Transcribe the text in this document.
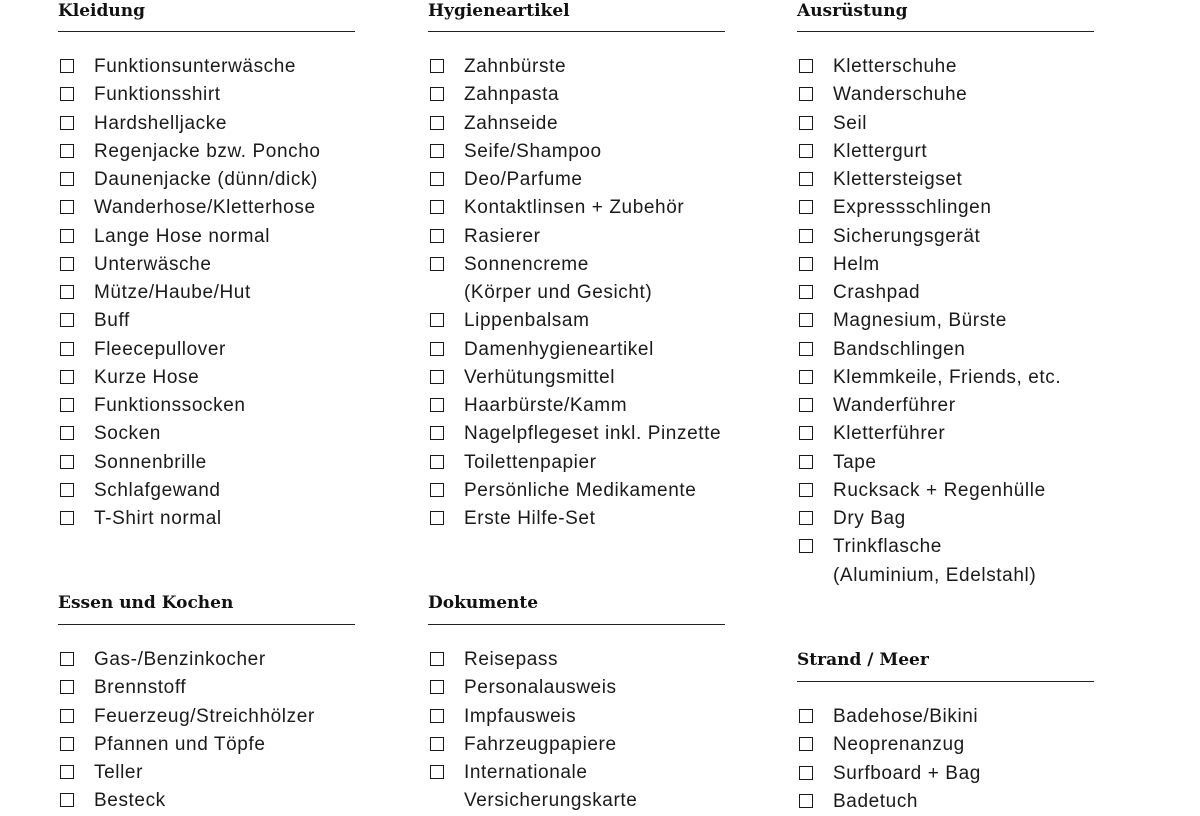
Kleidung
Funktionsunterwäsche
Funktionsshirt
Hardshelljacke
Regenjacke bzw. Poncho
Daunenjacke (dünn/dick)
Wanderhose/Kletterhose
Lange Hose normal
Unterwäsche
Mütze/Haube/Hut
Buff
Fleecepullover
Kurze Hose
Funktionssocken
Socken
Sonnenbrille
Schlafgewand
T-Shirt normal
Hygieneartikel
Zahnbürste
Zahnpasta
Zahnseide
Seife/Shampoo
Deo/Parfume
Kontaktlinsen + Zubehör
Rasierer
Sonnencreme
(Körper und Gesicht)
Lippenbalsam
Damenhygieneartikel
Verhütungsmittel
Haarbürste/Kamm
Nagelpflegeset inkl. Pinzette
Toilettenpapier
Persönliche Medikamente
Erste Hilfe-Set
Ausrüstung
Kletterschuhe
Wanderschuhe
Seil
Klettergurt
Klettersteigset
Expressschlingen
Sicherungsgerät
Helm
Crashpad
Magnesium, Bürste
Bandschlingen
Klemmkeile, Friends, etc.
Wanderführer
Kletterführer
Tape
Rucksack + Regenhülle
Dry Bag
Trinkflasche
(Aluminium, Edelstahl)
Essen und Kochen
Gas-/Benzinkocher
Brennstoff
Feuerzeug/Streichhölzer
Pfannen und Töpfe
Teller
Besteck
Dokumente
Reisepass
Personalausweis
Impfausweis
Fahrzeugpapiere
Internationale
Versicherungskarte
Strand / Meer
Badehose/Bikini
Neoprenanzug
Surfboard + Bag
Badetuch
